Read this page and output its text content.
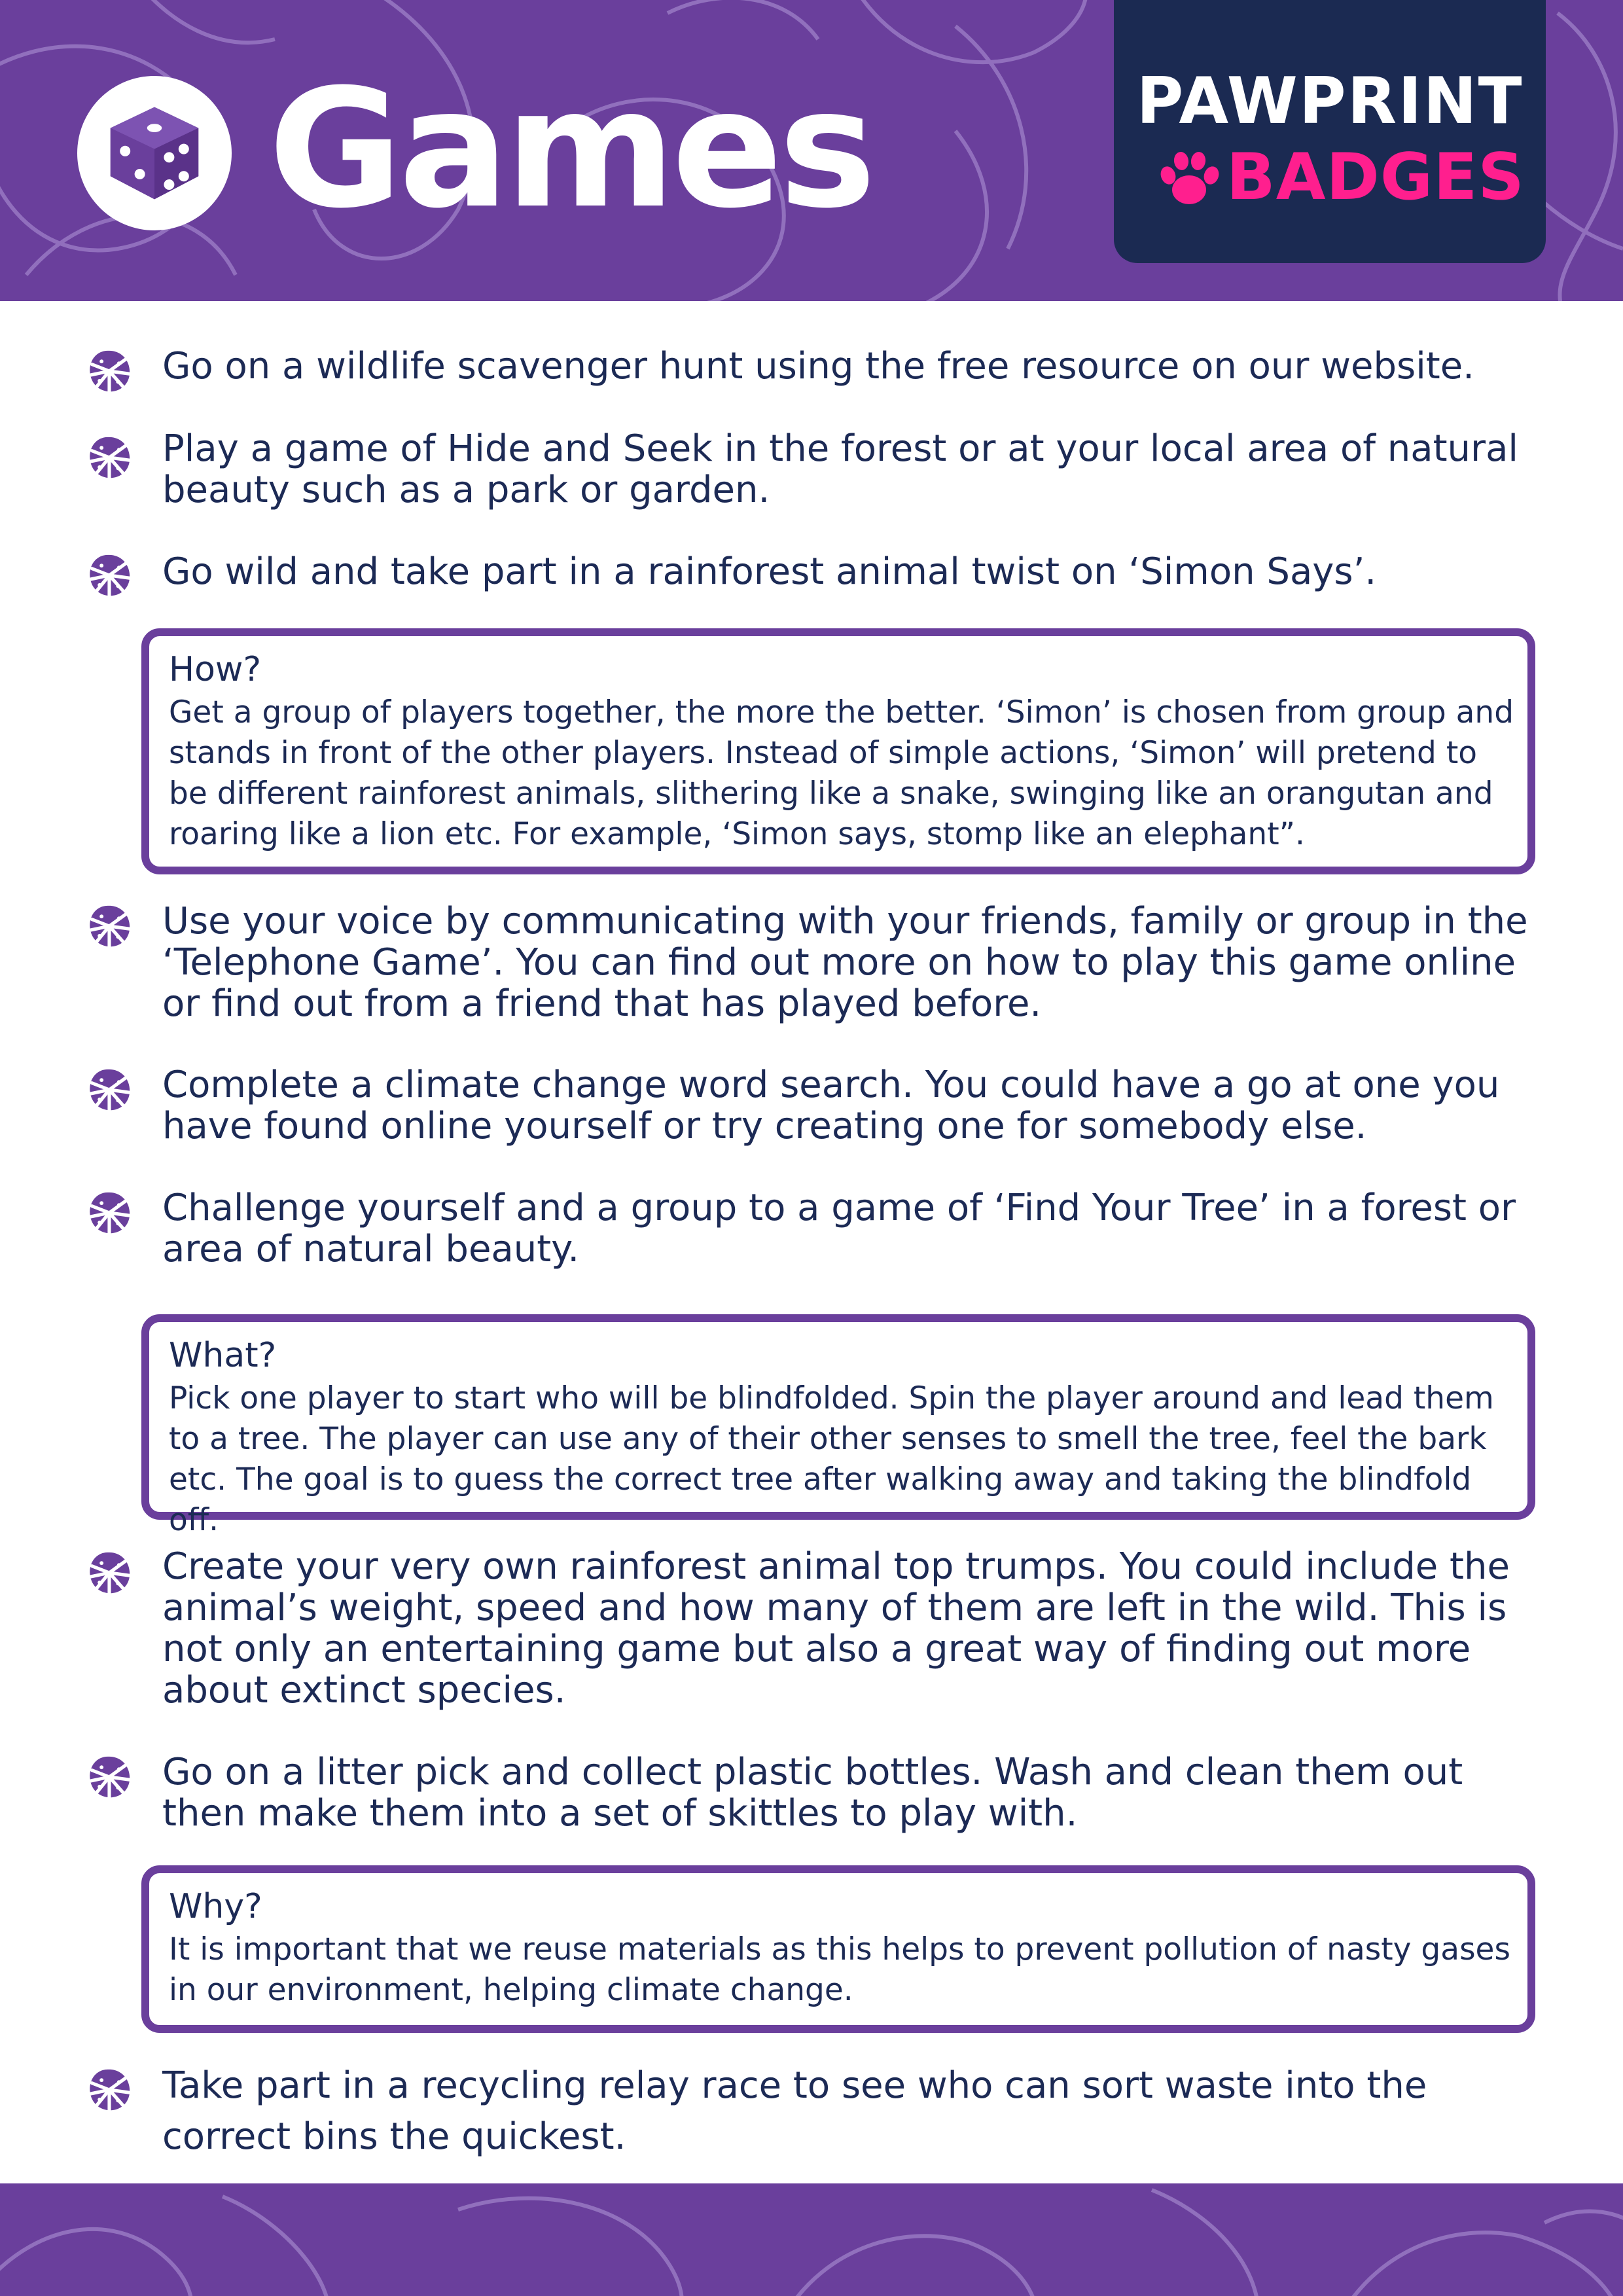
Games	PAWPRINT
BADGES

Go on a wildlife scavenger hunt using the free resource on our website.

Play a game of Hide and Seek in the forest or at your local area of natural beauty such as a park or garden.

Go wild and take part in a rainforest animal twist on ‘Simon Says’.

How?

Get a group of players together, the more the better. ‘Simon’ is chosen from group and stands in front of the other players. Instead of simple actions, ‘Simon’ will pretend to be different rainforest animals, slithering like a snake, swinging like an orangutan and roaring like a lion etc. For example, ‘Simon says, stomp like an elephant”.

Use your voice by communicating with your friends, family or group in the ‘Telephone Game’. You can find out more on how to play this game online or find out from a friend that has played before.

Complete a climate change word search. You could have a go at one you have found online yourself or try creating one for somebody else.

Challenge yourself and a group to a game of ‘Find Your Tree’ in a forest or area of natural beauty.

What?

Pick one player to start who will be blindfolded. Spin the player around and lead them to a tree. The player can use any of their other senses to smell the tree, feel the bark etc. The goal is to guess the correct tree after walking away and taking the blindfold off.

Create your very own rainforest animal top trumps. You could include the animal’s weight, speed and how many of them are left in the wild. This is not only an entertaining game but also a great way of finding out more about extinct species.

Go on a litter pick and collect plastic bottles. Wash and clean them out then make them into a set of skittles to play with.

Why?

It is important that we reuse materials as this helps to prevent pollution of nasty gases in our environment, helping climate change.

Take part in a recycling relay race to see who can sort waste into the correct bins the quickest.
